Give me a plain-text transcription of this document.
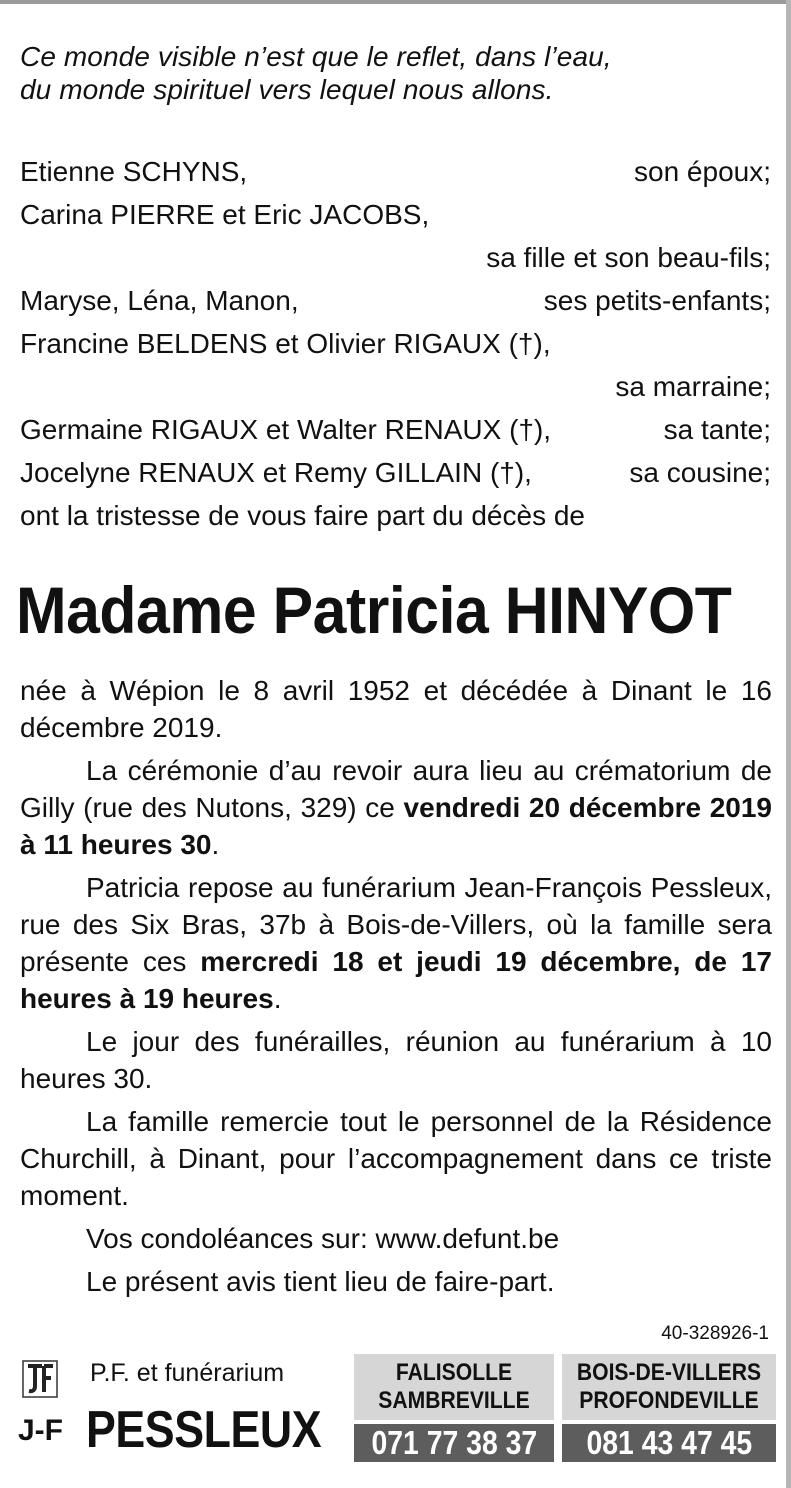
Ce monde visible n’est que le reflet, dans l’eau,
du monde spirituel vers lequel nous allons.
Etienne SCHYNS,	son époux;
Carina PIERRE et Eric JACOBS,
sa fille et son beau-fils;
Maryse, Léna, Manon,	ses petits-enfants;
Francine BELDENS et Olivier RIGAUX (†),
sa marraine;
Germaine RIGAUX et Walter RENAUX (†),	sa tante;
Jocelyne RENAUX et Remy GILLAIN (†),	sa cousine;
ont la tristesse de vous faire part du décès de
Madame Patricia HINYOT

née à Wépion le 8 avril 1952 et décédée à Dinant le 16 décembre 2019.

La cérémonie d’au revoir aura lieu au crématorium de Gilly (rue des Nutons, 329) ce vendredi 20 décembre 2019 à 11 heures 30.

Patricia repose au funérarium Jean-François Pessleux, rue des Six Bras, 37b à Bois-de-Villers, où la famille sera présente ces mercredi 18 et jeudi 19 décembre, de 17 heures à 19 heures.

Le jour des funérailles, réunion au funérarium à 10 heures 30.

La famille remercie tout le personnel de la Résidence Churchill, à Dinant, pour l’accompagnement dans ce triste moment.

Vos condoléances sur: www.defunt.be

Le présent avis tient lieu de faire-part.

40-328926-1
P.F. et funérarium
J-F PESSLEUX
FALISOLLE
SAMBREVILLE
071 77 38 37
BOIS-DE-VILLERS
PROFONDEVILLE
081 43 47 45
